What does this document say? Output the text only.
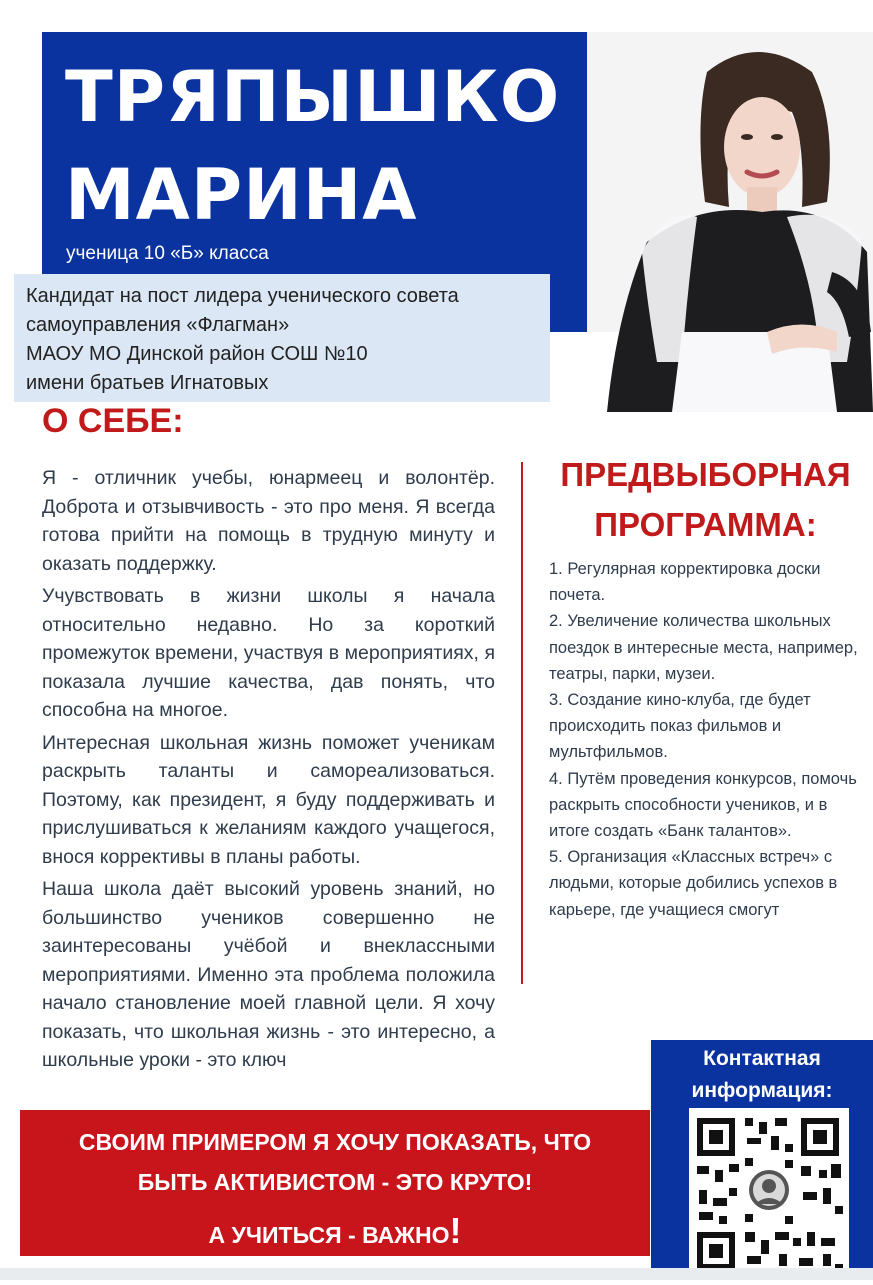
ТРЯПЫШКО
МАРИНА
ученица 10 «Б» класса
Кандидат на пост лидера ученического совета
самоуправления «Флагман»
МАОУ МО Динской район СОШ №10
имени братьев Игнатовых
О СЕБЕ:

Я - отличник учебы, юнармеец и волонтёр. Доброта и отзывчивость - это про меня. Я всегда готова прийти на помощь в трудную минуту и оказать поддержку.

Учувствовать в жизни школы я начала относительно недавно. Но за короткий промежуток времени, участвуя в мероприятиях, я показала лучшие качества, дав понять, что способна на многое.

Интересная школьная жизнь поможет ученикам раскрыть таланты и самореализоваться. Поэтому, как президент, я буду поддерживать и прислушиваться к желаниям каждого учащегося, внося коррективы в планы работы.

Наша школа даёт высокий уровень знаний, но большинство учеников совершенно не заинтересованы учёбой и внеклассными мероприятиями. Именно эта проблема положила начало становление моей главной цели. Я хочу показать, что школьная жизнь - это интересно, а школьные уроки - это ключ

ПРЕДВЫБОРНАЯ
ПРОГРАММА:
1. Регулярная корректировка доски почета.
2. Увеличение количества школьных поездок в интересные места, например, театры, парки, музеи.
3. Создание кино-клуба, где будет происходить показ фильмов и мультфильмов.
4. Путём проведения конкурсов, помочь раскрыть способности учеников, и в итоге создать «Банк талантов».
5. Организация «Классных встреч» с людьми, которые добились успехов в карьере, где учащиеся смогут
СВОИМ ПРИМЕРОМ Я ХОЧУ ПОКАЗАТЬ, ЧТО
БЫТЬ АКТИВИСТОМ - ЭТО КРУТО!
А УЧИТЬСЯ - ВАЖНО!
Контактная
информация:
